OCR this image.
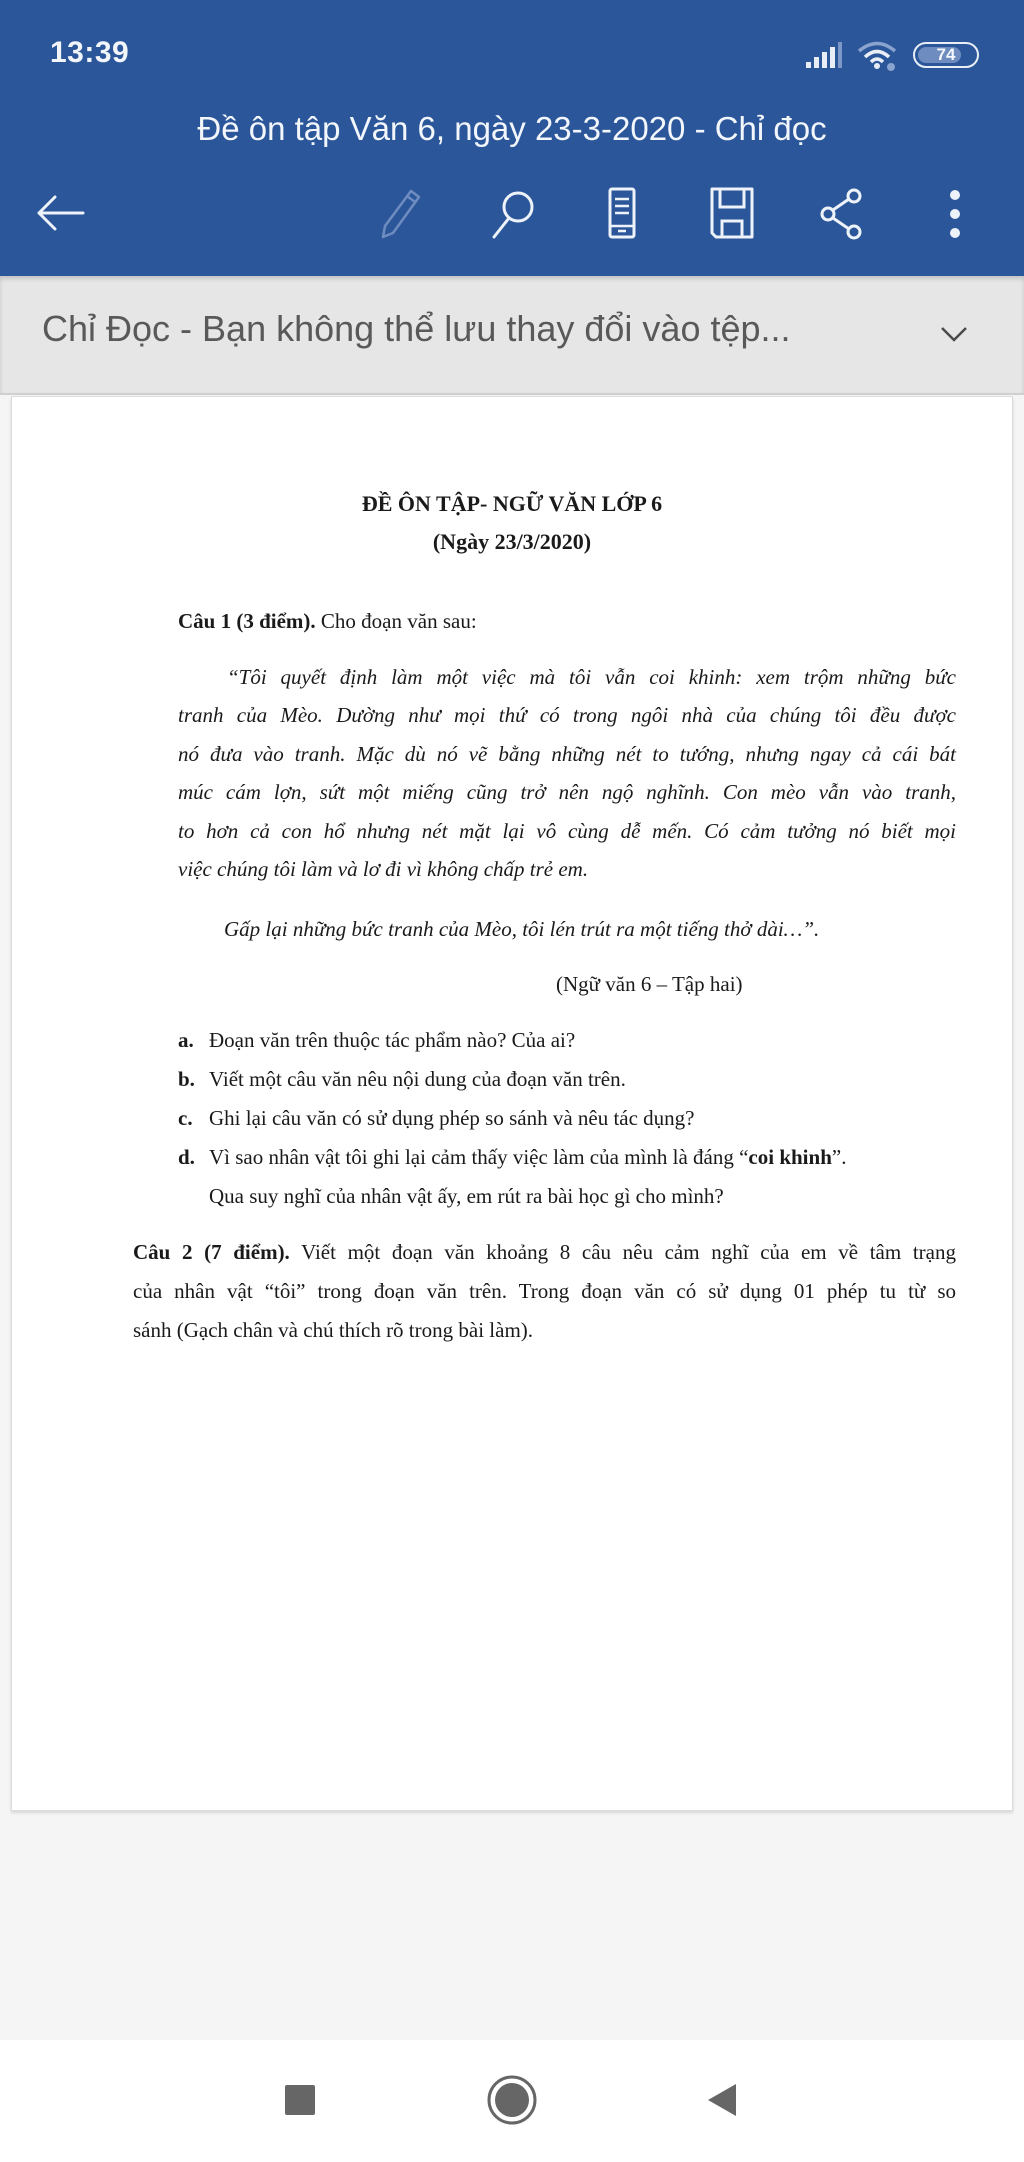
13:39	74
Đề ôn tập Văn 6, ngày 23-3-2020 - Chỉ đọc
Chỉ Đọc - Bạn không thể lưu thay đổi vào tệp...
ĐỀ ÔN TẬP- NGỮ VĂN LỚP 6
(Ngày 23/3/2020)
Câu 1 (3 điểm). Cho đoạn văn sau:
“Tôi quyết định làm một việc mà tôi vẫn coi khinh: xem trộm những bức
tranh của Mèo. Dường như mọi thứ có trong ngôi nhà của chúng tôi đều được
nó đưa vào tranh. Mặc dù nó vẽ bằng những nét to tướng, nhưng ngay cả cái bát
múc cám lợn, sứt một miếng cũng trở nên ngộ nghĩnh. Con mèo vẫn vào tranh,
to hơn cả con hổ nhưng nét mặt lại vô cùng dễ mến. Có cảm tưởng nó biết mọi
việc chúng tôi làm và lơ đi vì không chấp trẻ em.
Gấp lại những bức tranh của Mèo, tôi lén trút ra một tiếng thở dài…”.
(Ngữ văn 6 – Tập hai)
a. Đoạn văn trên thuộc tác phẩm nào? Của ai?
b. Viết một câu văn nêu nội dung của đoạn văn trên.
c. Ghi lại câu văn có sử dụng phép so sánh và nêu tác dụng?
d. Vì sao nhân vật tôi ghi lại cảm thấy việc làm của mình là đáng “coi khinh”.
Qua suy nghĩ của nhân vật ấy, em rút ra bài học gì cho mình?
Câu 2 (7 điểm). Viết một đoạn văn khoảng 8 câu nêu cảm nghĩ của em về tâm trạng
của nhân vật “tôi” trong đoạn văn trên. Trong đoạn văn có sử dụng 01 phép tu từ so
sánh (Gạch chân và chú thích rõ trong bài làm).
